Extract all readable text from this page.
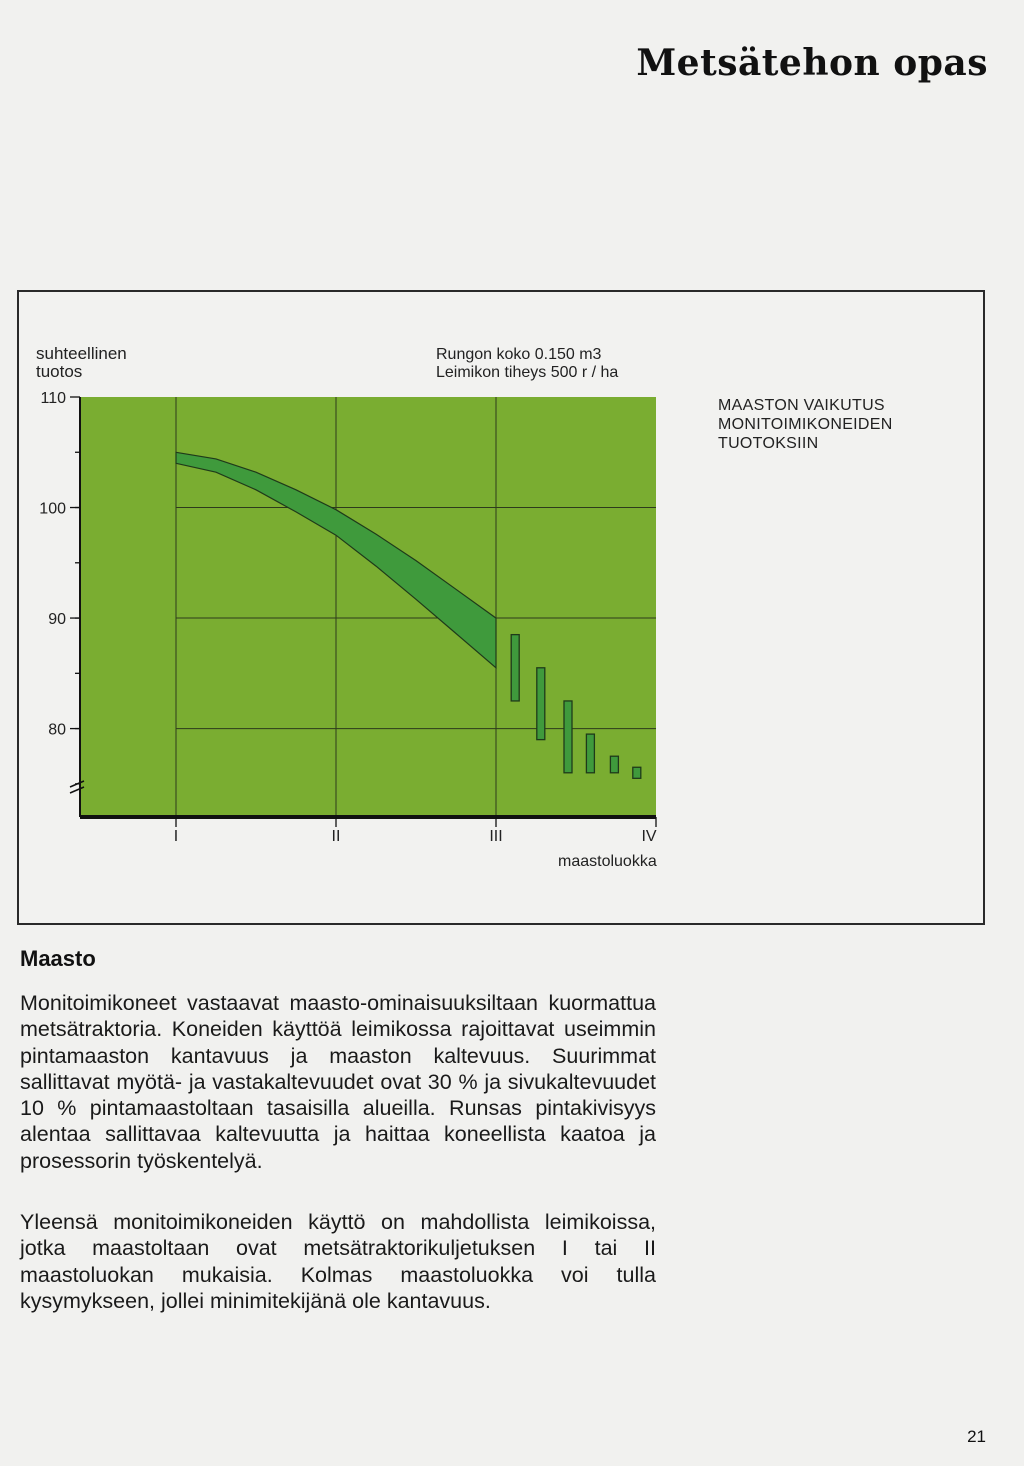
Metsätehon opas
80
90
100
110
I	II	III	IV
suhteellinen
tuotos
Rungon koko 0.150 m3
Leimikon tiheys 500 r / ha
maastoluokka
MAASTON VAIKUTUS
MONITOIMIKONEIDEN
TUOTOKSIIN
Maasto

Monitoimikoneet vastaavat maasto-ominaisuuksiltaan kuormattua metsätraktoria. Koneiden käyttöä leimikossa rajoittavat useimmin pintamaaston kantavuus ja maaston kaltevuus. Suurimmat sallittavat myötä- ja vastakaltevuudet ovat 30 % ja sivukaltevuudet 10 % pintamaastoltaan tasaisilla alueilla. Runsas pintakivisyys alentaa sallittavaa kaltevuutta ja haittaa koneellista kaatoa ja prosessorin työskentelyä.

Yleensä monitoimikoneiden käyttö on mahdollista leimikoissa, jotka maastoltaan ovat metsätraktorikuljetuksen I tai II maastoluokan mukaisia. Kolmas maastoluokka voi tulla kysymykseen, jollei minimitekijänä ole kantavuus.

21
